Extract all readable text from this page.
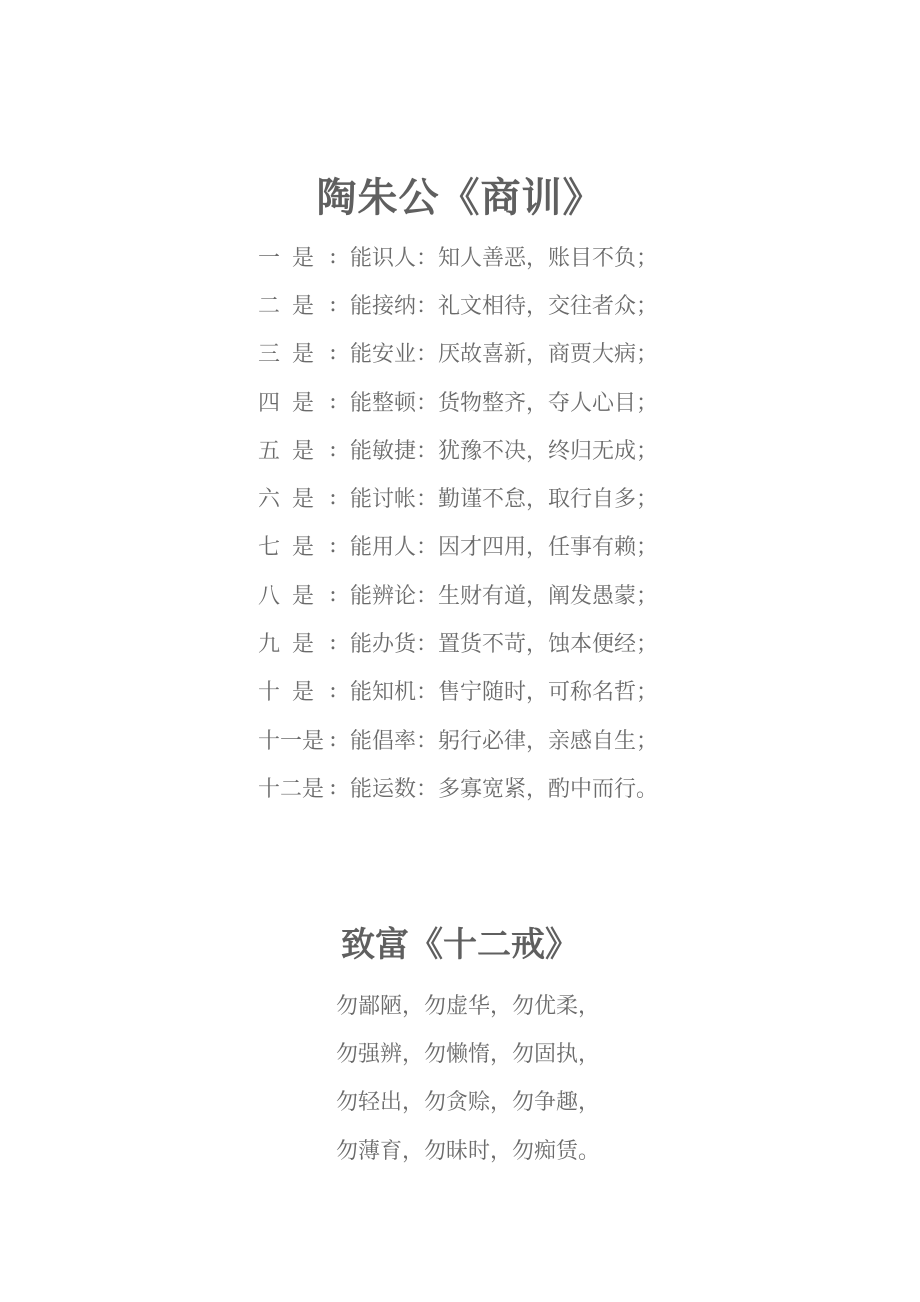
陶朱公《商训》
一 是 : 能识人：知人善恶，账目不负；
二 是 : 能接纳：礼文相待，交往者众；
三 是 : 能安业：厌故喜新，商贾大病；
四 是 : 能整顿：货物整齐，夺人心目；
五 是 : 能敏捷：犹豫不决，终归无成；
六 是 : 能讨帐：勤谨不怠，取行自多；
七 是 : 能用人：因才四用，任事有赖；
八 是 : 能辨论：生财有道，阐发愚蒙；
九 是 : 能办货：置货不苛，蚀本便经；
十 是 : 能知机：售宁随时，可称名哲；
十一是 : 能倡率：躬行必律，亲感自生；
十二是 : 能运数：多寡宽紧，酌中而行。
致富《十二戒》
勿鄙陋，勿虚华，勿优柔，
勿强辨，勿懒惰，勿固执，
勿轻出，勿贪赊，勿争趣，
勿薄育，勿昧时，勿痴赁。
